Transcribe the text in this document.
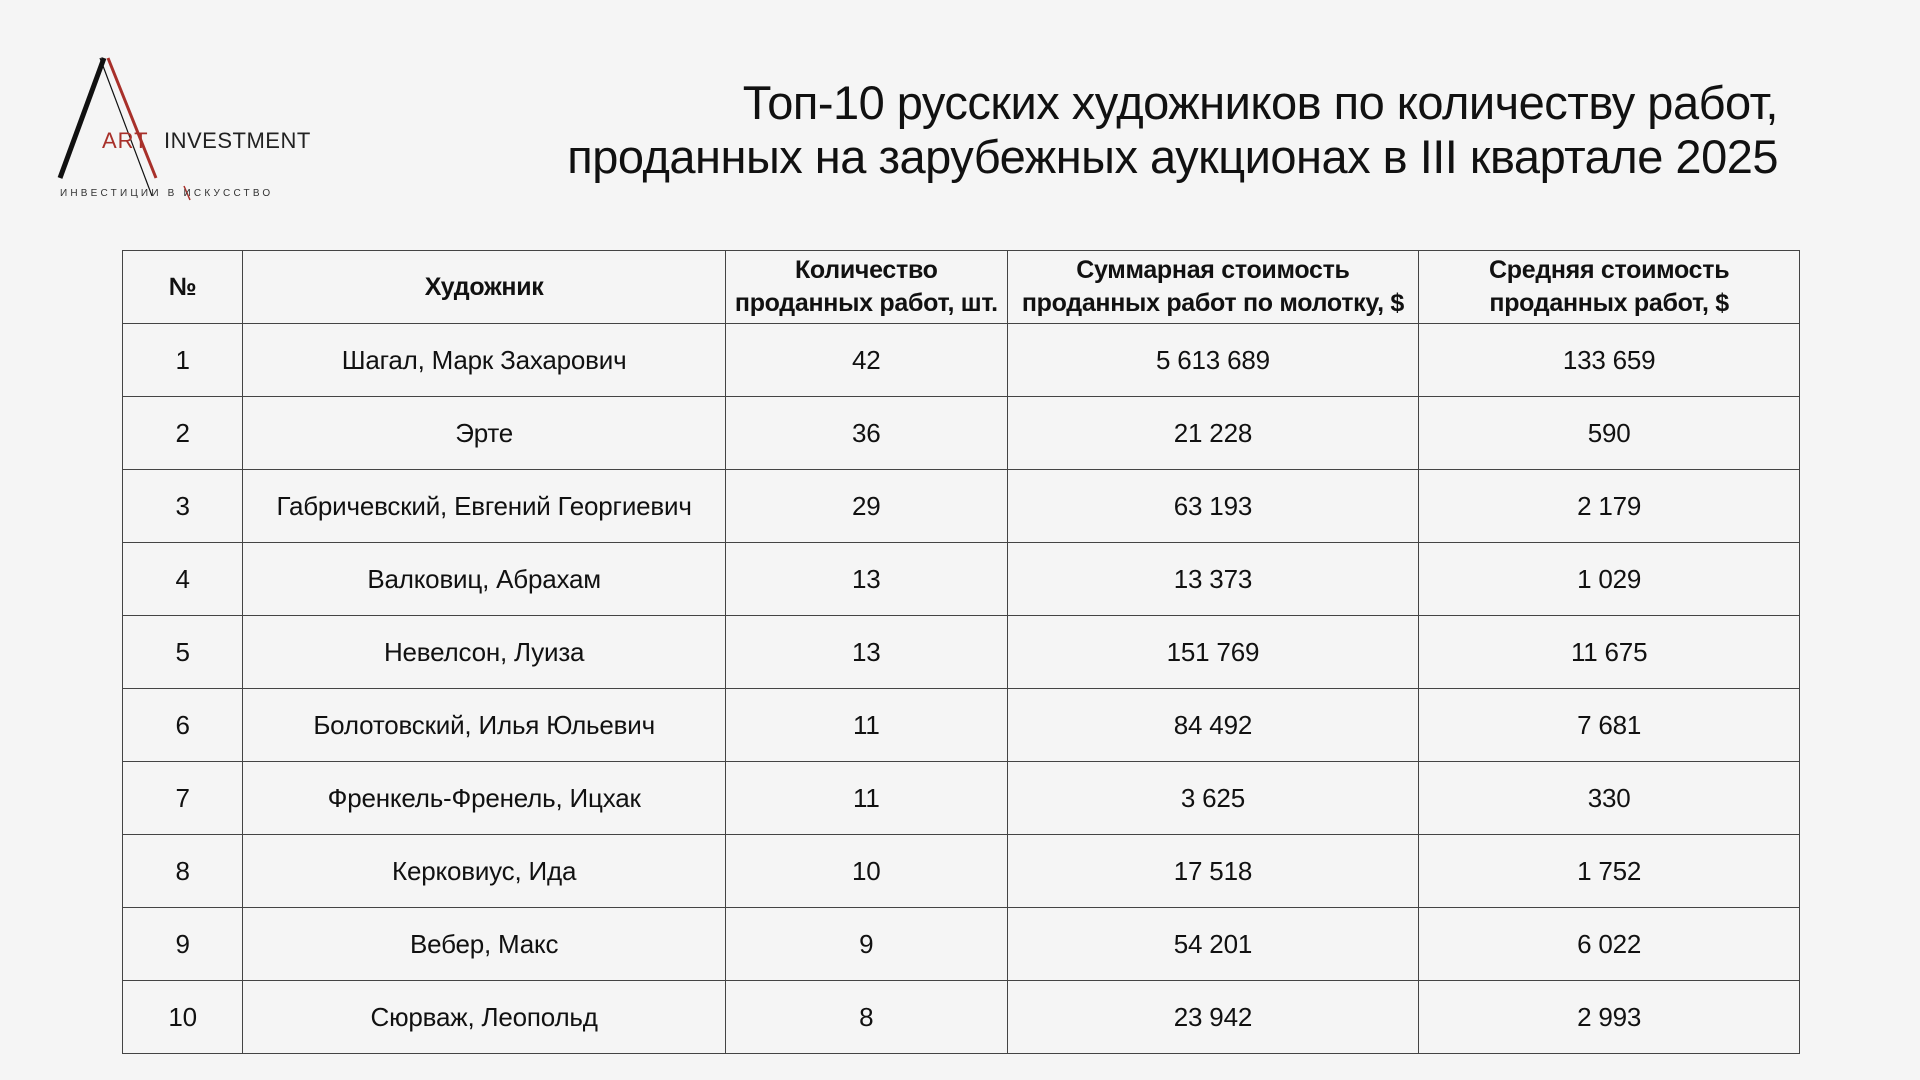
ART INVESTMENT
ИНВЕСТИЦИИ В ИСКУССТВО
Топ-10 русских художников по количеству работ,
проданных на зарубежных аукционах в III квартале 2025
№	Художник	Количество проданных работ, шт.	Суммарная стоимость проданных работ по молотку, $	Средняя стоимость проданных работ, $
1	Шагал, Марк Захарович	42	5 613 689	133 659
2	Эрте	36	21 228	590
3	Габричевский, Евгений Георгиевич	29	63 193	2 179
4	Валковиц, Абрахам	13	13 373	1 029
5	Невелсон, Луиза	13	151 769	11 675
6	Болотовский, Илья Юльевич	11	84 492	7 681
7	Френкель-Френель, Ицхак	11	3 625	330
8	Керковиус, Ида	10	17 518	1 752
9	Вебер, Макс	9	54 201	6 022
10	Сюрваж, Леопольд	8	23 942	2 993
